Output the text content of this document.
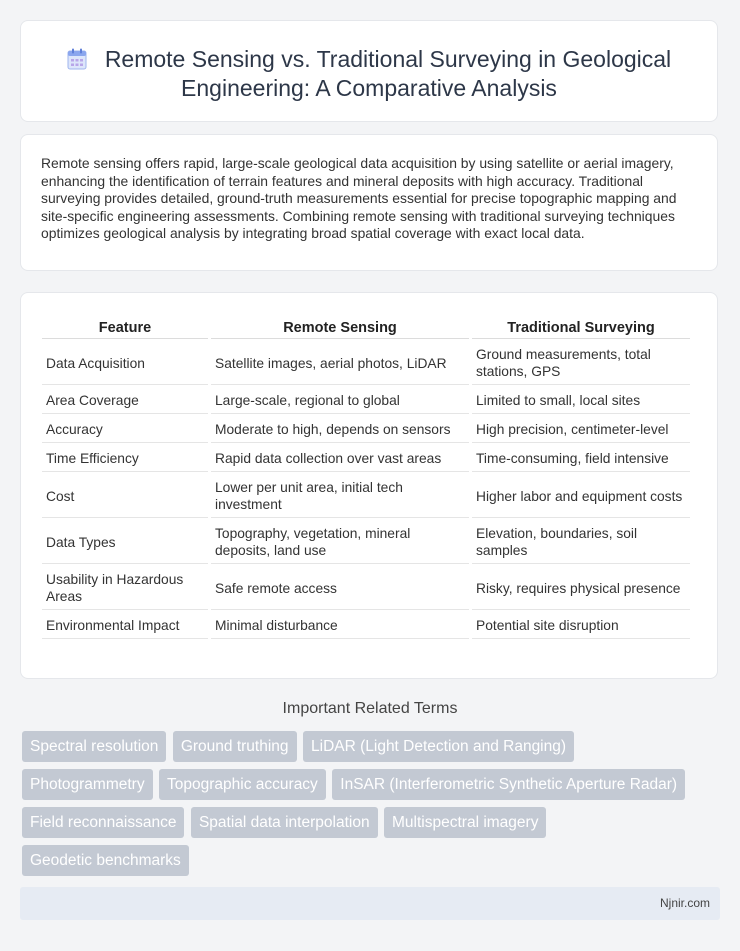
Remote Sensing vs. Traditional Surveying in Geological Engineering: A Comparative Analysis

Remote sensing offers rapid, large-scale geological data acquisition by using satellite or aerial imagery, enhancing the identification of terrain features and mineral deposits with high accuracy. Traditional surveying provides detailed, ground-truth measurements essential for precise topographic mapping and site-specific engineering assessments. Combining remote sensing with traditional surveying techniques optimizes geological analysis by integrating broad spatial coverage with exact local data.

Feature	Remote Sensing	Traditional Surveying
Data Acquisition	Satellite images, aerial photos, LiDAR	Ground measurements, total stations, GPS
Area Coverage	Large-scale, regional to global	Limited to small, local sites
Accuracy	Moderate to high, depends on sensors	High precision, centimeter-level
Time Efficiency	Rapid data collection over vast areas	Time-consuming, field intensive
Cost	Lower per unit area, initial tech investment	Higher labor and equipment costs
Data Types	Topography, vegetation, mineral deposits, land use	Elevation, boundaries, soil samples
Usability in Hazardous Areas	Safe remote access	Risky, requires physical presence
Environmental Impact	Minimal disturbance	Potential site disruption
Important Related Terms
Spectral resolution Ground truthing LiDAR (Light Detection and Ranging)
Photogrammetry Topographic accuracy InSAR (Interferometric Synthetic Aperture Radar)
Field reconnaissance Spatial data interpolation Multispectral imagery
Geodetic benchmarks
Njnir.com
